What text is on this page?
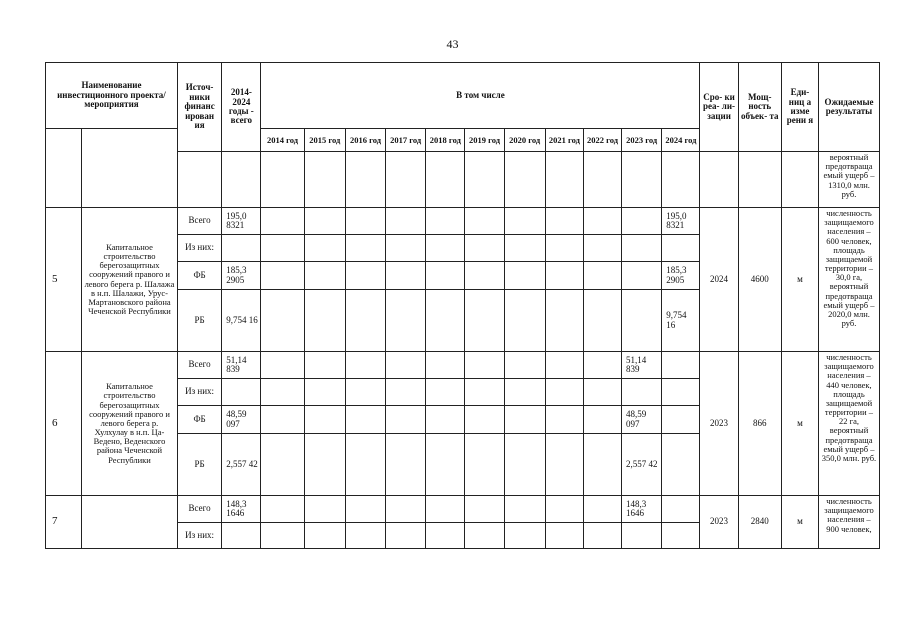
43
Наименование инвестиционного проекта/мероприятия		Источ- ники финанс ирован ия	2014- 2024 годы - всего	В том числе											Сро- ки реа- ли- зации	Мощ- ность объек- та	Еди- ниц а изме рени я	Ожидаемые результаты
				2014 год	2015 год	2016 год	2017 год	2018 год	2019 год	2020 год	2021 год	2022 год	2023 год	2024 год				
																		вероятный предотвраща емый ущерб – 1310,0 млн. руб.
5	Капитальное строительство берегозащитных сооружений правого и левого берега р. Шалажа в н.п. Шалажи, Урус- Мартановского района Чеченской Республики	Всего	195,0 8321											195,0 8321	2024	4600	м	численность защищаемого населения – 600 человек, площадь защищаемой территории – 30,0 га, вероятный предотвраща емый ущерб – 2020,0 млн. руб.
		Из них:																
		ФБ	185,3 2905											185,3 2905				
		РБ	9,754 16											9,754 16				
6	Капитальное строительство берегозащитных сооружений правого и левого берега р. Хулхулау в н.п. Ца-Ведено, Веденского района Чеченской Республики	Всего	51,14 839										51,14 839		2023	866	м	численность защищаемого населения – 440 человек, площадь защищаемой территории – 22 га, вероятный предотвраща емый ущерб – 350,0 млн. руб.
		Из них:																
		ФБ	48,59 097										48,59 097					
		РБ	2,557 42										2,557 42					
7		Всего	148,3 1646										148,3 1646		2023	2840	м	численность защищаемого населения – 900 человек,
		Из них:																
